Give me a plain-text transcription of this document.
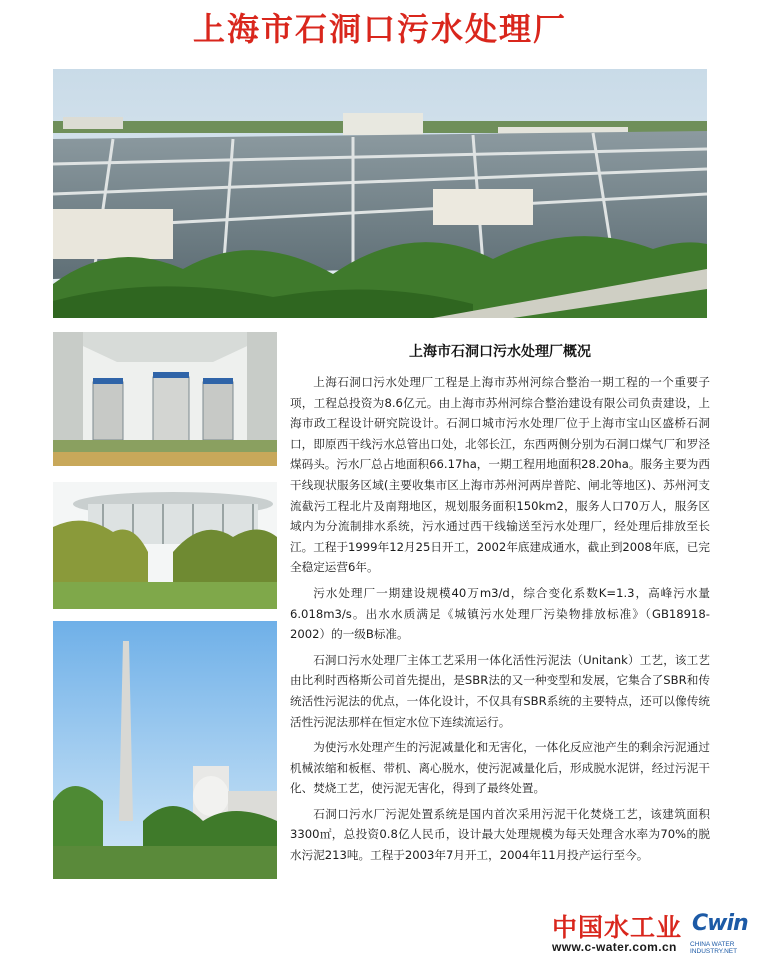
上海市石洞口污水处理厂
上海市石洞口污水处理厂概况

上海石洞口污水处理厂工程是上海市苏州河综合整治一期工程的一个重要子项，工程总投资为8.6亿元。由上海市苏州河综合整治建设有限公司负责建设，上海市政工程设计研究院设计。石洞口城市污水处理厂位于上海市宝山区盛桥石洞口，即原西干线污水总管出口处，北邻长江，东西两侧分别为石洞口煤气厂和罗泾煤码头。污水厂总占地面积66.17ha，一期工程用地面积28.20ha。服务主要为西干线现状服务区域(主要收集市区上海市苏州河两岸普陀、闸北等地区)、苏州河支流截污工程北片及南翔地区，规划服务面积150km2，服务人口70万人，服务区域内为分流制排水系统，污水通过西干线输送至污水处理厂，经处理后排放至长江。工程于1999年12月25日开工，2002年底建成通水，截止到2008年底，已完全稳定运营6年。

污水处理厂一期建设规模40万m3/d，综合变化系数K=1.3，高峰污水量6.018m3/s。出水水质满足《城镇污水处理厂污染物排放标准》（GB18918-2002）的一级B标准。

石洞口污水处理厂主体工艺采用一体化活性污泥法（Unitank）工艺，该工艺由比利时西格斯公司首先提出，是SBR法的又一种变型和发展，它集合了SBR和传统活性污泥法的优点，一体化设计，不仅具有SBR系统的主要特点，还可以像传统活性污泥法那样在恒定水位下连续流运行。

为使污水处理产生的污泥减量化和无害化，一体化反应池产生的剩余污泥通过机械浓缩和板框、带机、离心脱水，使污泥减量化后，形成脱水泥饼，经过污泥干化、焚烧工艺，使污泥无害化，得到了最终处置。

石洞口污水厂污泥处置系统是国内首次采用污泥干化焚烧工艺，该建筑面积3300㎡，总投资0.8亿人民币，设计最大处理规模为每天处理含水率为70%的脱水污泥213吨。工程于2003年7月开工，2004年11月投产运行至今。

中国水工业 Cwin
www.c-water.com.cn CHINA WATER INDUSTRY.NET
